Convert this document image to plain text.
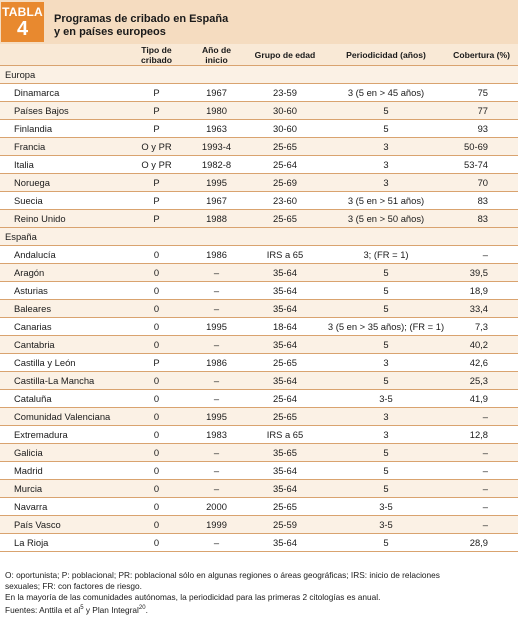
TABLA
4	Programas de cribado en España
y en países europeos
	Tipo de cribado	Año de inicio	Grupo de edad	Periodicidad (años)	Cobertura (%)
Europa					
Dinamarca	P	1967	23-59	3 (5 en > 45 años)	75
Países Bajos	P	1980	30-60	5	77
Finlandia	P	1963	30-60	5	93
Francia	O y PR	1993-4	25-65	3	50-69
Italia	O y PR	1982-8	25-64	3	53-74
Noruega	P	1995	25-69	3	70
Suecia	P	1967	23-60	3 (5 en > 51 años)	83
Reino Unido	P	1988	25-65	3 (5 en > 50 años)	83
España					
Andalucía	0	1986	IRS a 65	3; (FR = 1)	–
Aragón	0	–	35-64	5	39,5
Asturias	0	–	35-64	5	18,9
Baleares	0	–	35-64	5	33,4
Canarias	0	1995	18-64	3 (5 en > 35 años); (FR = 1)	7,3
Cantabria	0	–	35-64	5	40,2
Castilla y León	P	1986	25-65	3	42,6
Castilla-La Mancha	0	–	35-64	5	25,3
Cataluña	0	–	25-64	3-5	41,9
Comunidad Valenciana	0	1995	25-65	3	–
Extremadura	0	1983	IRS a 65	3	12,8
Galicia	0	–	35-65	5	–
Madrid	0	–	35-64	5	–
Murcia	0	–	35-64	5	–
Navarra	0	2000	25-65	3-5	–
País Vasco	0	1999	25-59	3-5	–
La Rioja	0	–	35-64	5	28,9
O: oportunista; P: poblacional; PR: poblacional sólo en algunas regiones o áreas geográficas; IRS: inicio de relaciones
sexuales; FR: con factores de riesgo.
En la mayoría de las comunidades autónomas, la periodicidad para las primeras 2 citologías es anual.
Fuentes: Anttila et $al^5$ y Plan Integral$^{20}$.
